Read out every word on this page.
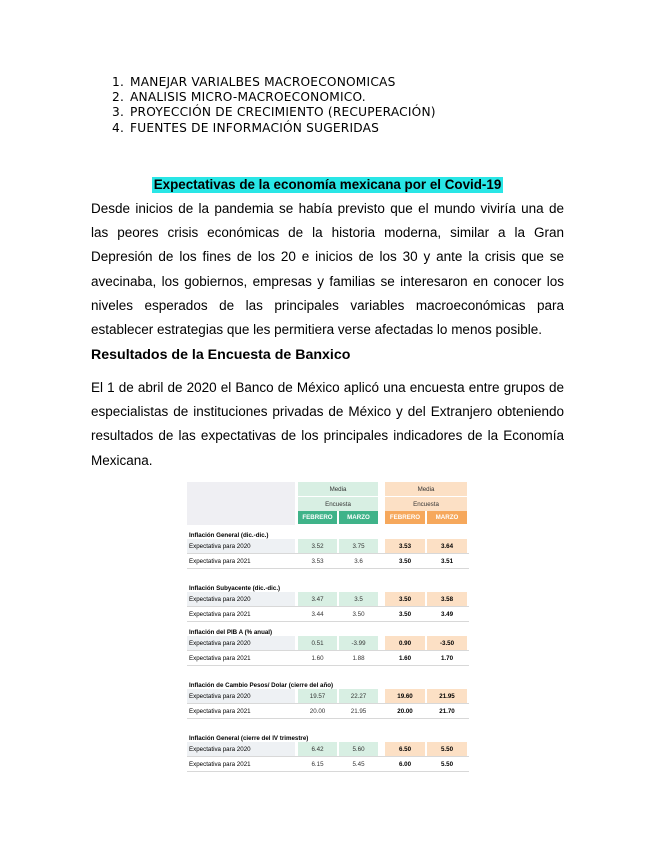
1. MANEJAR VARIALBES MACROECONOMICAS
2. ANALISIS MICRO-MACROECONOMICO.
3. PROYECCIÓN DE CRECIMIENTO (RECUPERACIÓN)
4. FUENTES DE INFORMACIÓN SUGERIDAS
Expectativas de la economía mexicana por el Covid-19

Desde inicios de la pandemia se había previsto que el mundo viviría una de las peores crisis económicas de la historia moderna, similar a la Gran Depresión de los fines de los 20 e inicios de los 30 y ante la crisis que se avecinaba, los gobiernos, empresas y familias se interesaron en conocer los niveles esperados de las principales variables macroeconómicas para establecer estrategias que les permitiera verse afectadas lo menos posible.

Resultados de la Encuesta de Banxico

El 1 de abril de 2020 el Banco de México aplicó una encuesta entre grupos de especialistas de instituciones privadas de México y del Extranjero obteniendo resultados de las expectativas de los principales indicadores de la Economía Mexicana.

Media
Encuesta
FEBRERO	MARZO
Media
Encuesta
FEBRERO	MARZO
Inflación General (dic.-dic.)
Expectativa para 2020	3.52	3.75	3.53	3.64
Expectativa para 2021	3.53	3.6	3.50	3.51
Inflación Subyacente (dic.-dic.)
Expectativa para 2020	3.47	3.5	3.50	3.58
Expectativa para 2021	3.44	3.50	3.50	3.49
Inflación del PIB A (% anual)
Expectativa para 2020	0.51	-3.99	0.90	-3.50
Expectativa para 2021	1.60	1.88	1.60	1.70
Inflación de Cambio Pesos/ Dolar (cierre del año)
Expectativa para 2020	19.57	22.27	19.60	21.95
Expectativa para 2021	20.00	21.95	20.00	21.70
Inflación General (cierre del IV trimestre)
Expectativa para 2020	6.42	5.60	6.50	5.50
Expectativa para 2021	6.15	5.45	6.00	5.50
